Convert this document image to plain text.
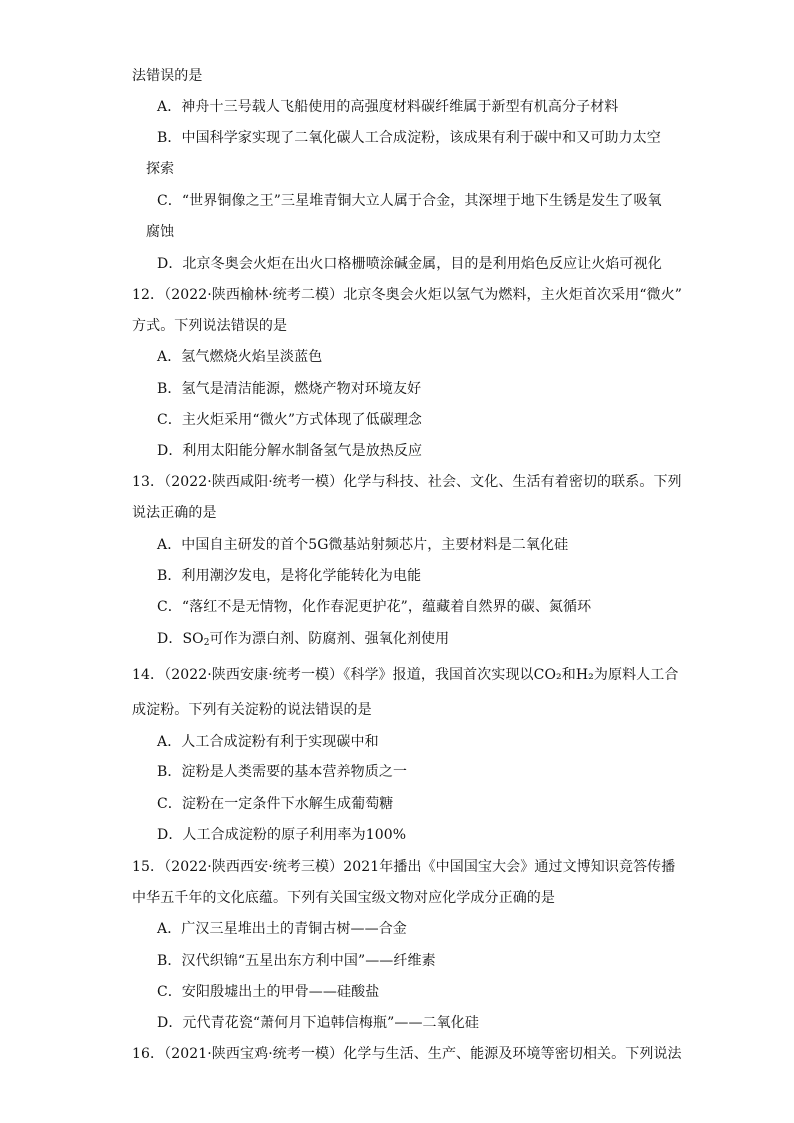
法错误的是
A．神舟十三号载人飞船使用的高强度材料碳纤维属于新型有机高分子材料
B．中国科学家实现了二氧化碳人工合成淀粉，该成果有利于碳中和又可助力太空
探索
C．“世界铜像之王”三星堆青铜大立人属于合金，其深埋于地下生锈是发生了吸氧
腐蚀
D．北京冬奥会火炬在出火口格栅喷涂碱金属，目的是利用焰色反应让火焰可视化
12．（2022·陕西榆林·统考二模）北京冬奥会火炬以氢气为燃料，主火炬首次采用“微火”
方式。下列说法错误的是
A．氢气燃烧火焰呈淡蓝色
B．氢气是清洁能源，燃烧产物对环境友好
C．主火炬采用“微火”方式体现了低碳理念
D．利用太阳能分解水制备氢气是放热反应
13．（2022·陕西咸阳·统考一模）化学与科技、社会、文化、生活有着密切的联系。下列
说法正确的是
A．中国自主研发的首个5G微基站射频芯片，主要材料是二氧化硅
B．利用潮汐发电，是将化学能转化为电能
C．“落红不是无情物，化作春泥更护花”，蕴藏着自然界的碳、氮循环
D．$SO_2$可作为漂白剂、防腐剂、强氧化剂使用
14．（2022·陕西安康·统考一模）《科学》报道，我国首次实现以CO₂和H₂为原料人工合
成淀粉。下列有关淀粉的说法错误的是
A．人工合成淀粉有利于实现碳中和
B．淀粉是人类需要的基本营养物质之一
C．淀粉在一定条件下水解生成葡萄糖
D．人工合成淀粉的原子利用率为100%
15．（2022·陕西西安·统考三模）2021年播出《中国国宝大会》通过文博知识竞答传播
中华五千年的文化底蕴。下列有关国宝级文物对应化学成分正确的是
A．广汉三星堆出土的青铜古树——合金
B．汉代织锦“五星出东方利中国”——纤维素
C．安阳殷墟出土的甲骨——硅酸盐
D．元代青花瓷“萧何月下追韩信梅瓶”——二氧化硅
16．（2021·陕西宝鸡·统考一模）化学与生活、生产、能源及环境等密切相关。下列说法
